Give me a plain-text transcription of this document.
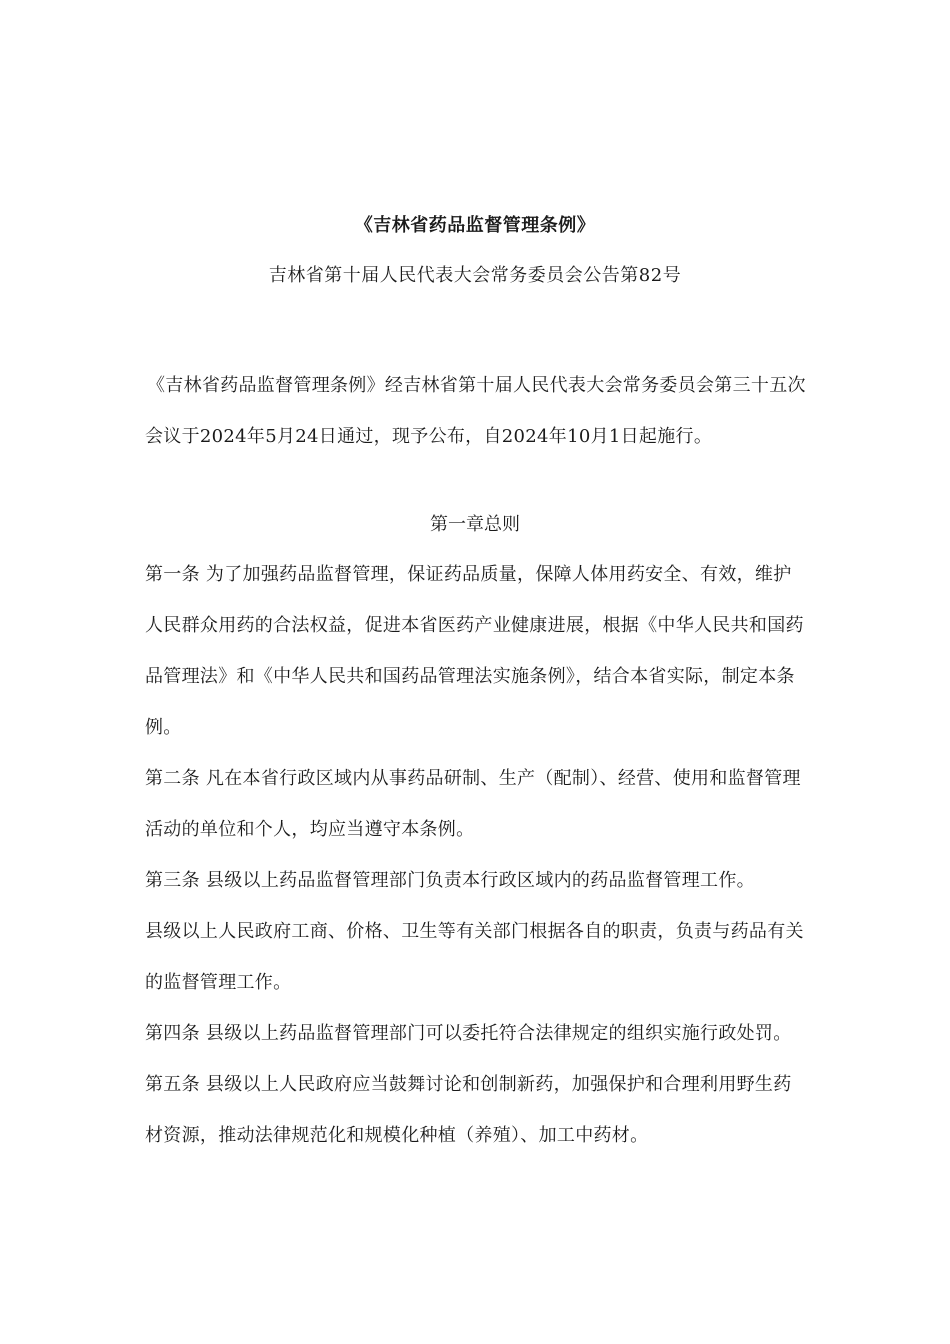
《吉林省药品监督管理条例》
吉林省第十届人民代表大会常务委员会公告第82号
《吉林省药品监督管理条例》经吉林省第十届人民代表大会常务委员会第三十五次会议于2024年5月24日通过，现予公布，自2024年10月1日起施行。
第一章总则

第一条 为了加强药品监督管理，保证药品质量，保障人体用药安全、有效，维护人民群众用药的合法权益，促进本省医药产业健康进展，根据《中华人民共和国药品管理法》和《中华人民共和国药品管理法实施条例》，结合本省实际，制定本条例。

第二条 凡在本省行政区域内从事药品研制、生产（配制）、经营、使用和监督管理活动的单位和个人，均应当遵守本条例。

第三条 县级以上药品监督管理部门负责本行政区域内的药品监督管理工作。

县级以上人民政府工商、价格、卫生等有关部门根据各自的职责，负责与药品有关的监督管理工作。

第四条 县级以上药品监督管理部门可以委托符合法律规定的组织实施行政处罚。

第五条 县级以上人民政府应当鼓舞讨论和创制新药，加强保护和合理利用野生药材资源，推动法律规范化和规模化种植（养殖）、加工中药材。
